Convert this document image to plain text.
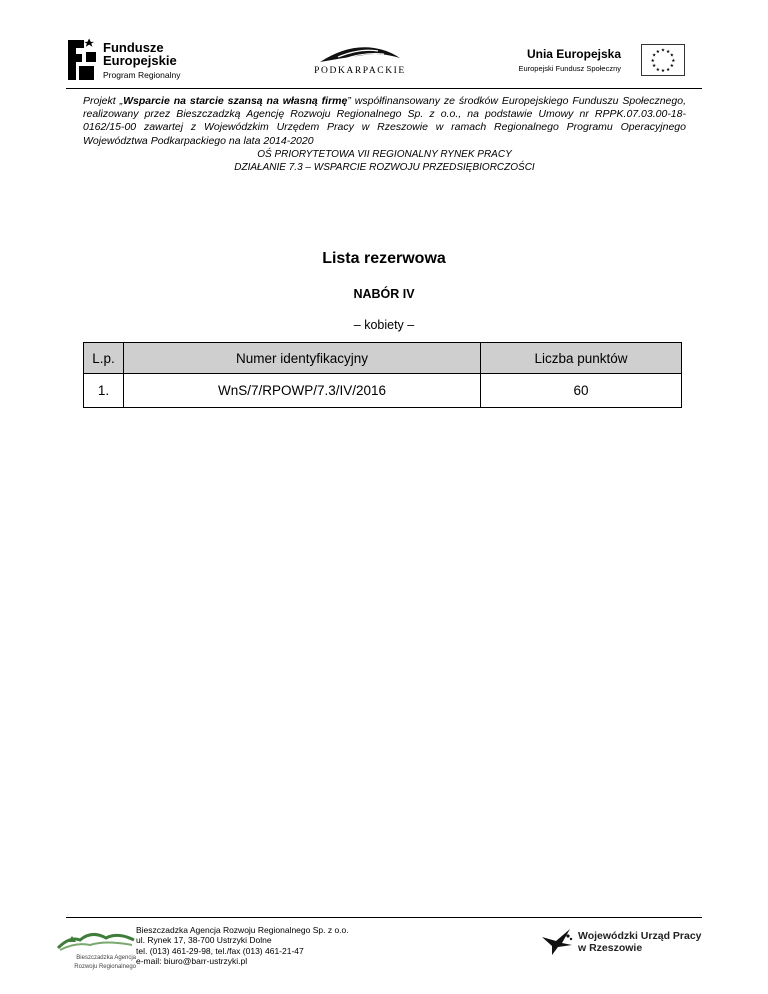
Fundusze
Europejskie
Program Regionalny	PODKARPACKIE
Unia Europejska
Europejski Fundusz Społeczny
★ ★
★
★
★
★
★
★
★
★
★
★
Projekt „Wsparcie na starcie szansą na własną firmę” współfinansowany ze środków Europejskiego Funduszu Społecznego, realizowany przez Bieszczadzką Agencję Rozwoju Regionalnego Sp. z o.o., na podstawie Umowy nr RPPK.07.03.00-18-0162/15-00 zawartej z Wojewódzkim Urzędem Pracy w Rzeszowie w ramach Regionalnego Programu Operacyjnego Województwa Podkarpackiego na lata 2014-2020
OŚ PRIORYTETOWA VII REGIONALNY RYNEK PRACY
DZIAŁANIE 7.3 – WSPARCIE ROZWOJU PRZEDSIĘBIORCZOŚCI
Lista rezerwowa
NABÓR IV
– kobiety –
L.p.	Numer identyfikacyjny	Liczba punktów
1.	WnS/7/RPOWP/7.3/IV/2016	60
Bieszczadzka Agencja
Rozwoju Regionalnego
Bieszczadzka Agencja Rozwoju Regionalnego Sp. z o.o.
ul. Rynek 17, 38-700 Ustrzyki Dolne
tel. (013) 461-29-98, tel./fax (013) 461-21-47
e-mail: biuro@barr-ustrzyki.pl
Wojewódzki Urząd Pracy
w Rzeszowie
